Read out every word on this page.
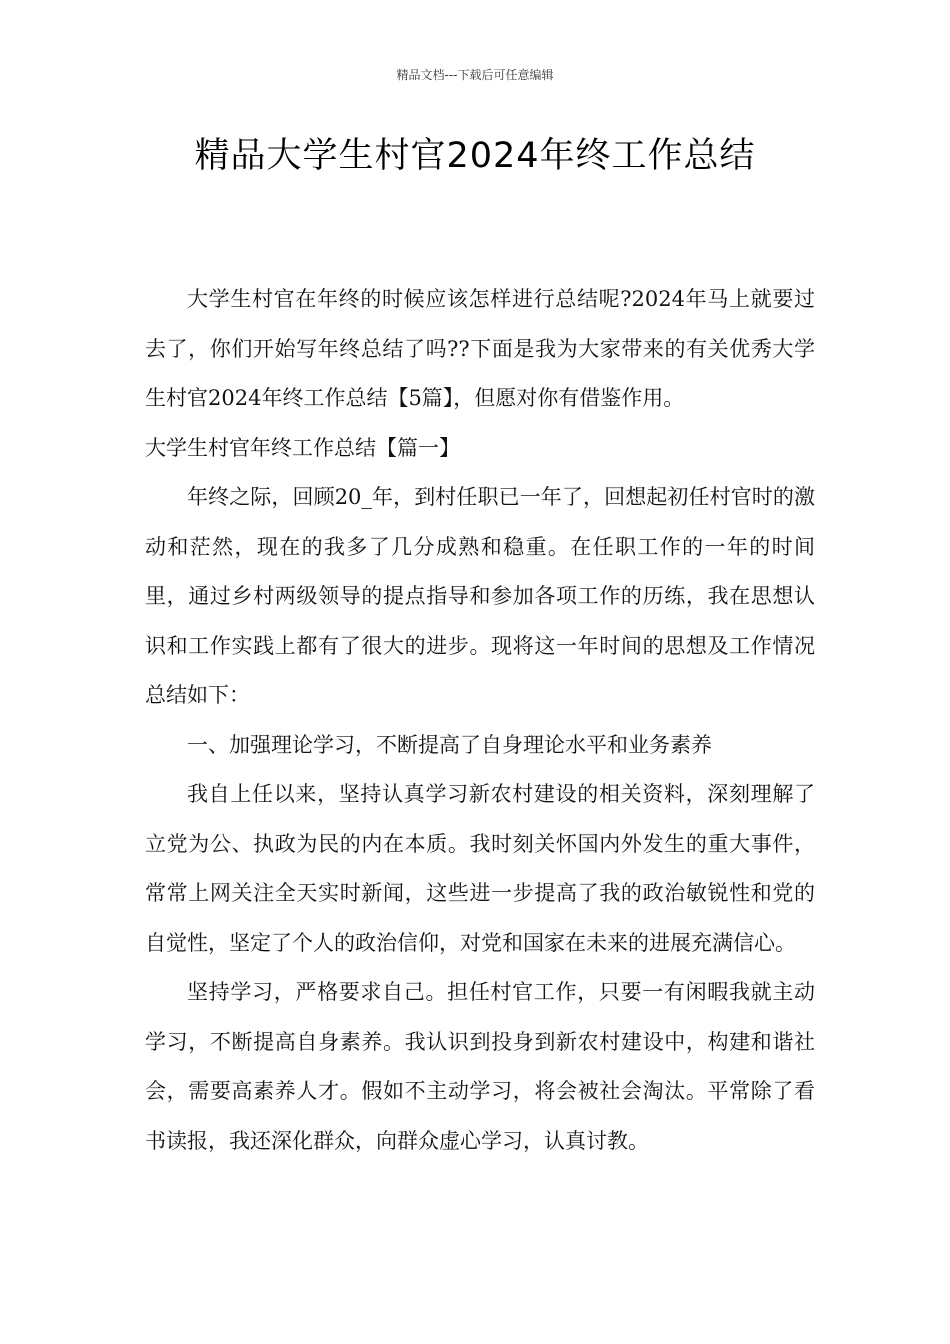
精品文档---下载后可任意编辑
精品大学生村官2024年终工作总结

大学生村官在年终的时候应该怎样进行总结呢?2024年马上就要过去了，你们开始写年终总结了吗??下面是我为大家带来的有关优秀大学生村官2024年终工作总结【5篇】，但愿对你有借鉴作用。

大学生村官年终工作总结【篇一】

年终之际，回顾20_年，到村任职已一年了，回想起初任村官时的激动和茫然，现在的我多了几分成熟和稳重。在任职工作的一年的时间里，通过乡村两级领导的提点指导和参加各项工作的历练，我在思想认识和工作实践上都有了很大的进步。现将这一年时间的思想及工作情况总结如下：

一、加强理论学习，不断提高了自身理论水平和业务素养

我自上任以来，坚持认真学习新农村建设的相关资料，深刻理解了立党为公、执政为民的内在本质。我时刻关怀国内外发生的重大事件，常常上网关注全天实时新闻，这些进一步提高了我的政治敏锐性和党的自觉性，坚定了个人的政治信仰，对党和国家在未来的进展充满信心。

坚持学习，严格要求自己。担任村官工作，只要一有闲暇我就主动学习，不断提高自身素养。我认识到投身到新农村建设中，构建和谐社会，需要高素养人才。假如不主动学习，将会被社会淘汰。平常除了看书读报，我还深化群众，向群众虚心学习，认真讨教。
